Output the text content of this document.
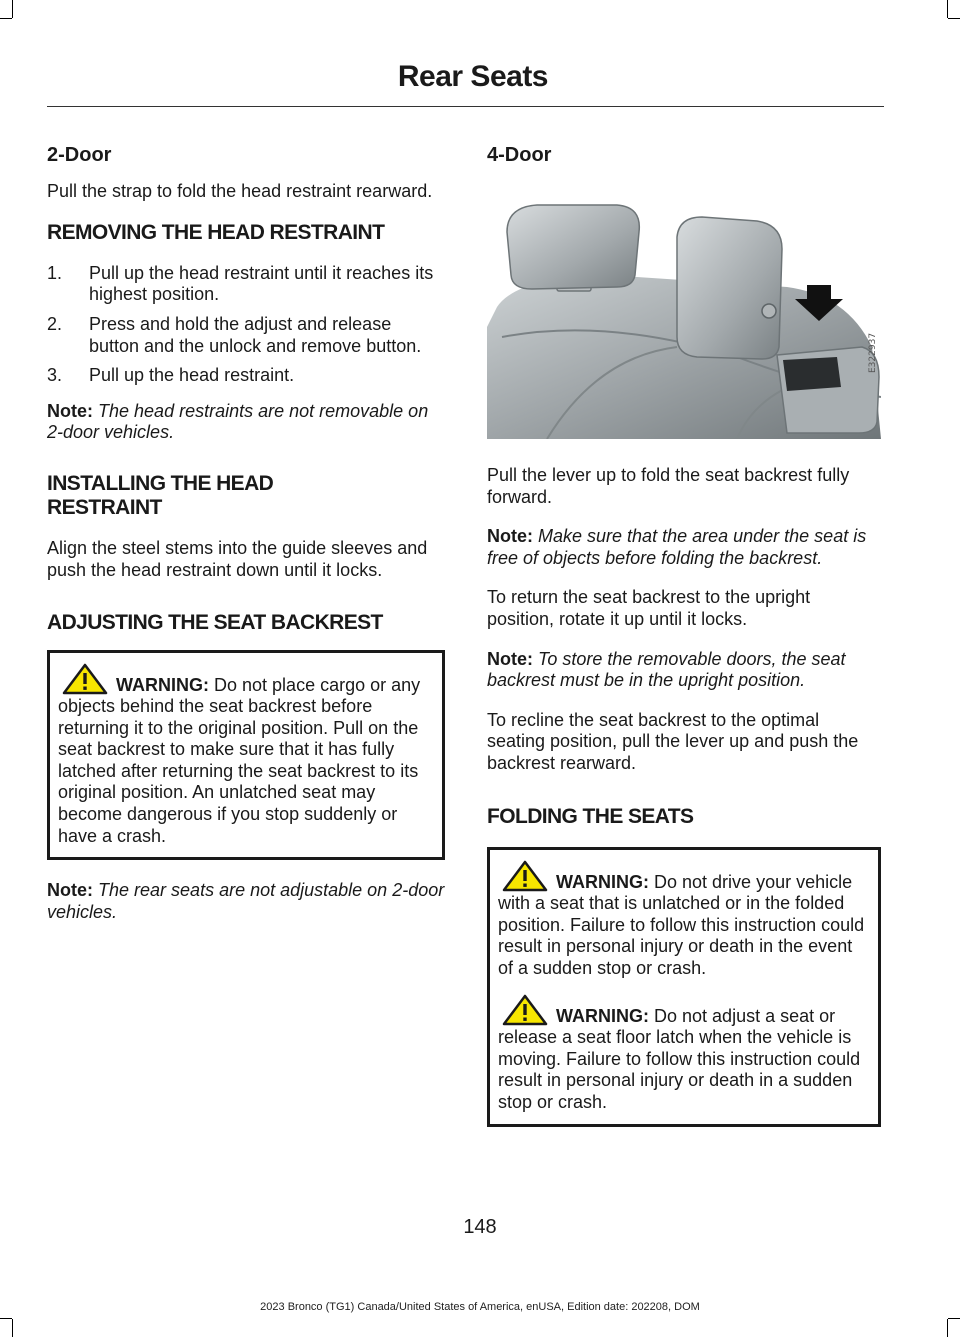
Rear Seats
2-Door

Pull the strap to fold the head restraint rearward.

REMOVING THE HEAD RESTRAINT
1.	Pull up the head restraint until it reaches its highest position.
2.	Press and hold the adjust and release button and the unlock and remove button.
3.	Pull up the head restraint.

Note: The head restraints are not removable on 2-door vehicles.

INSTALLING THE HEAD RESTRAINT

Align the steel stems into the guide sleeves and push the head restraint down until it locks.

ADJUSTING THE SEAT BACKREST

WARNING: Do not place cargo or any objects behind the seat backrest before returning it to the original position. Pull on the seat backrest to make sure that it has fully latched after returning the seat backrest to its original position. An unlatched seat may become dangerous if you stop suddenly or have a crash.

Note: The rear seats are not adjustable on 2-door vehicles.

4-Door
E322937

Pull the lever up to fold the seat backrest fully forward.

Note: Make sure that the area under the seat is free of objects before folding the backrest.

To return the seat backrest to the upright position, rotate it up until it locks.

Note: To store the removable doors, the seat backrest must be in the upright position.

To recline the seat backrest to the optimal seating position, pull the lever up and push the backrest rearward.

FOLDING THE SEATS

WARNING: Do not drive your vehicle with a seat that is unlatched or in the folded position. Failure to follow this instruction could result in personal injury or death in the event of a sudden stop or crash.

WARNING: Do not adjust a seat or release a seat floor latch when the vehicle is moving. Failure to follow this instruction could result in personal injury or death in a sudden stop or crash.

148
2023 Bronco (TG1) Canada/United States of America, enUSA, Edition date: 202208, DOM
